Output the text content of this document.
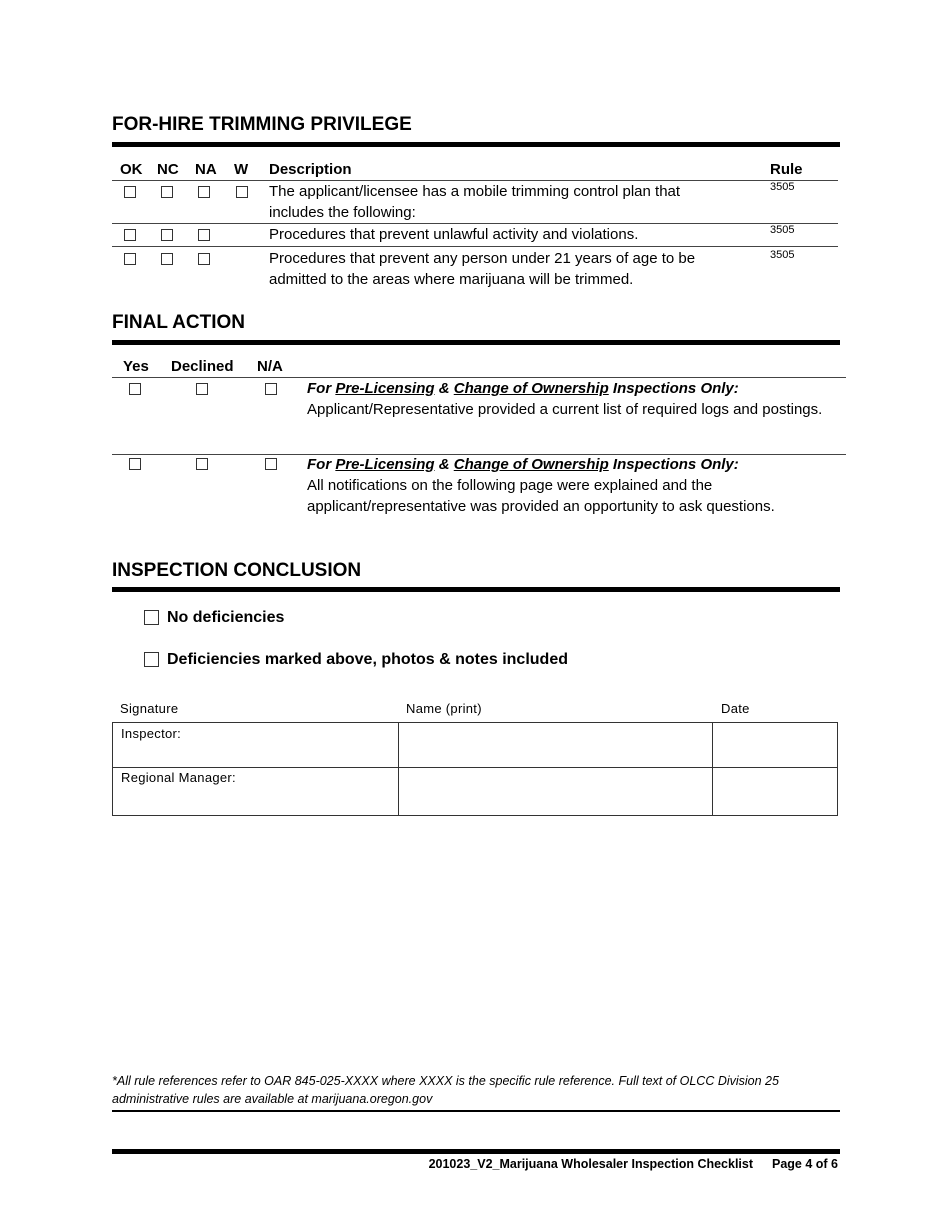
FOR-HIRE TRIMMING PRIVILEGE
OK NC NA W Description	Rule
The applicant/licensee has a mobile trimming control plan that includes the following:
3505
Procedures that prevent unlawful activity and violations.	3505
Procedures that prevent any person under 21 years of age to be admitted to the areas where marijuana will be trimmed.
3505
FINAL ACTION
Yes Declined N/A
For Pre-Licensing & Change of Ownership Inspections Only:
Applicant/Representative provided a current list of required logs and postings.
For Pre-Licensing & Change of Ownership Inspections Only:
All notifications on the following page were explained and the applicant/representative was provided an opportunity to ask questions.
INSPECTION CONCLUSION
No deficiencies
Deficiencies marked above, photos & notes included
Signature	Name (print)	Date
Inspector:
Regional Manager:
*All rule references refer to OAR 845-025-XXXX where XXXX is the specific rule reference. Full text of OLCC Division 25 administrative rules are available at marijuana.oregon.gov
201023_V2_Marijuana Wholesaler Inspection Checklist Page 4 of 6
